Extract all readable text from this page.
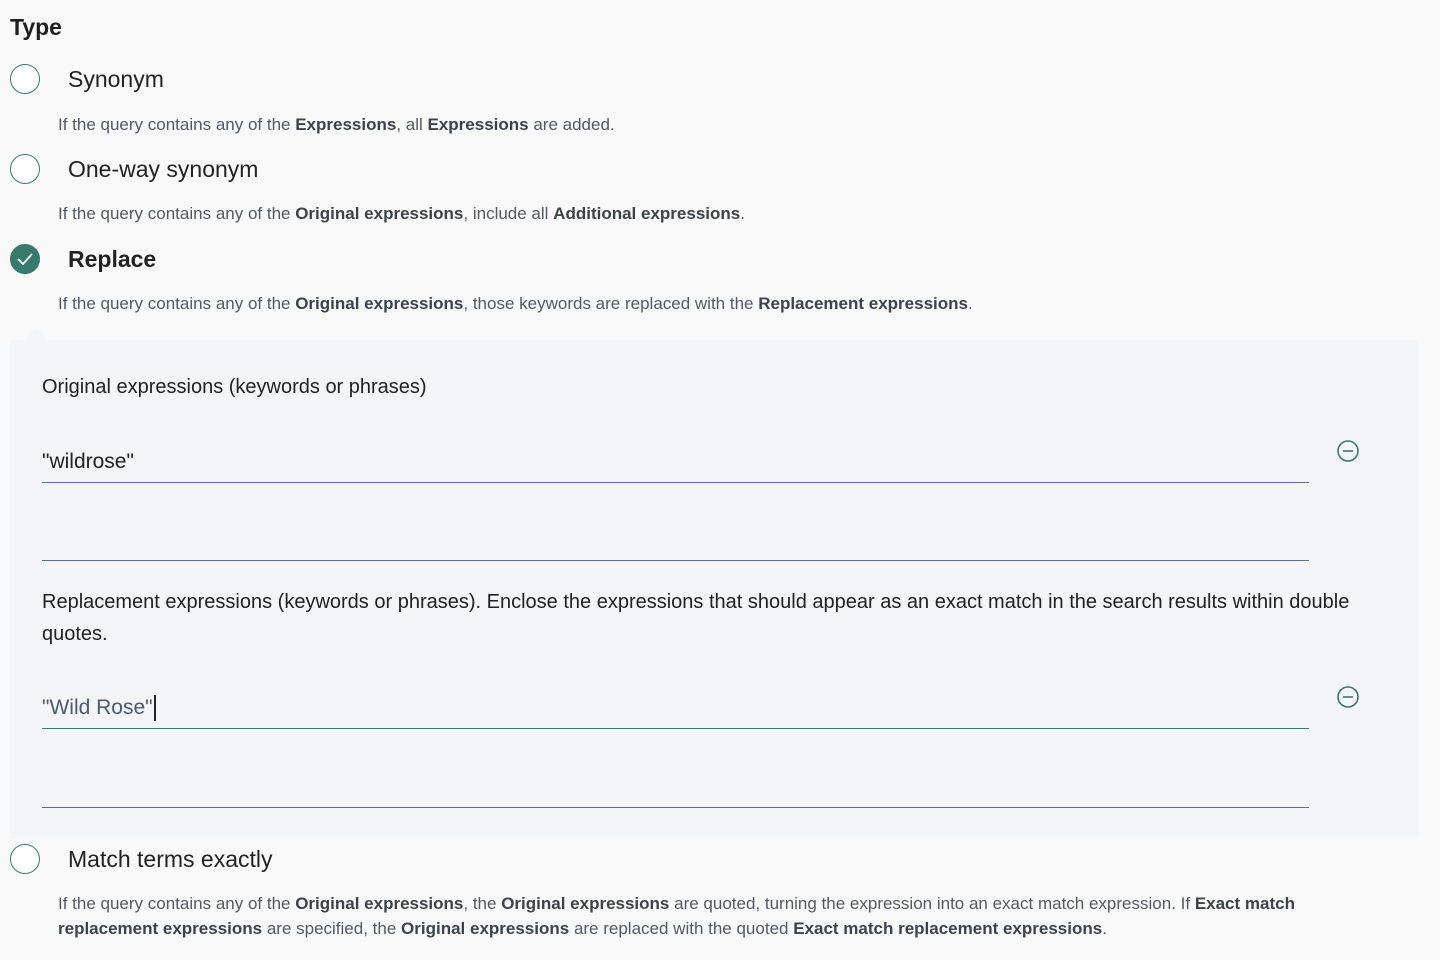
Type
Synonym
If the query contains any of the Expressions, all Expressions are added.
One-way synonym
If the query contains any of the Original expressions, include all Additional expressions.
Replace
If the query contains any of the Original expressions, those keywords are replaced with the Replacement expressions.
Original expressions (keywords or phrases)
"wildrose"
Replacement expressions (keywords or phrases). Enclose the expressions that should appear as an exact match in the search results within double quotes.
"Wild Rose"
Match terms exactly
If the query contains any of the Original expressions, the Original expressions are quoted, turning the expression into an exact match expression. If Exact match replacement expressions are specified, the Original expressions are replaced with the quoted Exact match replacement expressions.
